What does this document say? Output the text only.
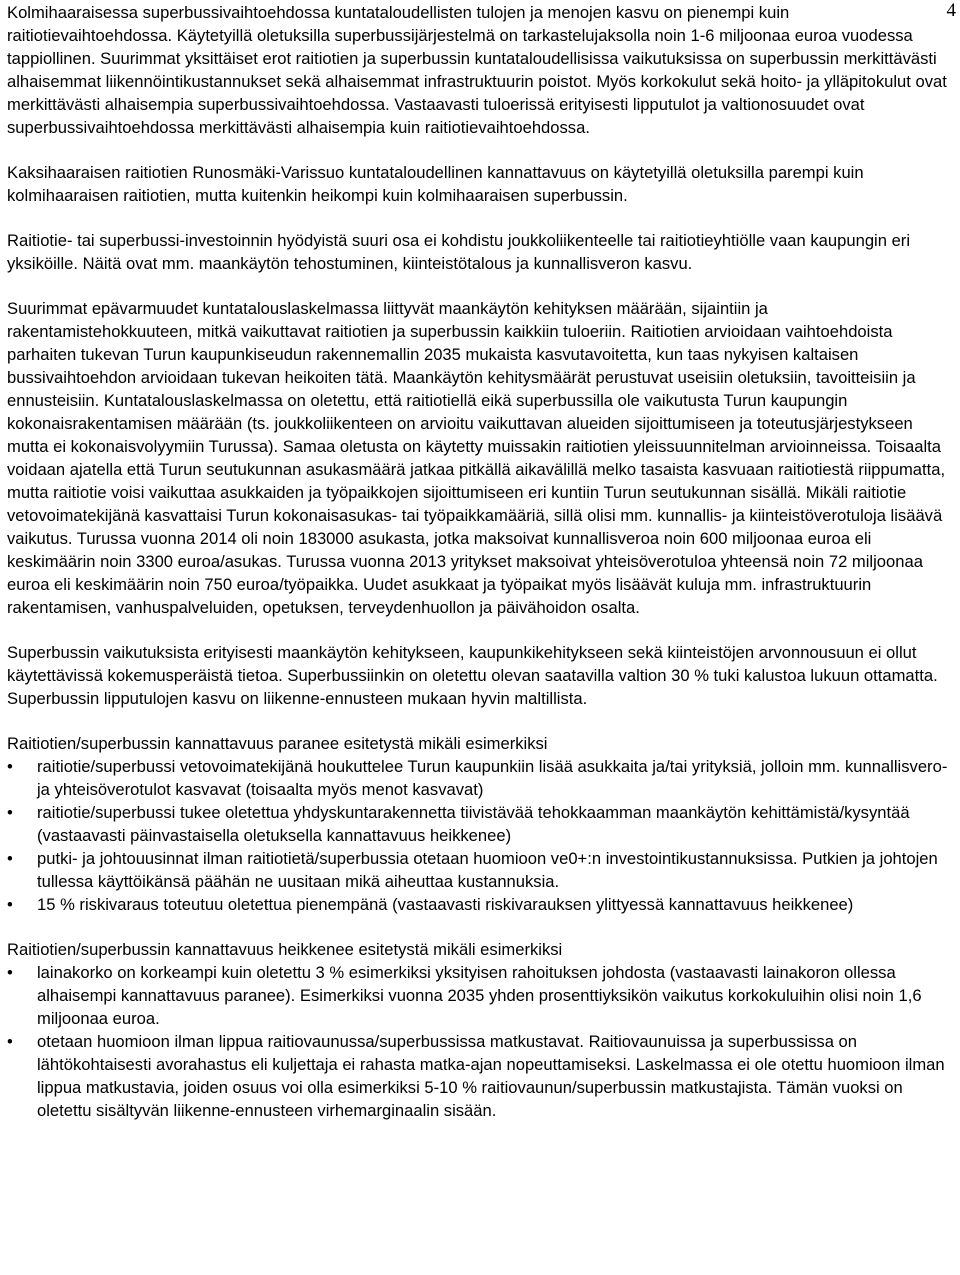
4

Kolmihaaraisessa superbussivaihtoehdossa kuntataloudellisten tulojen ja menojen kasvu on pienempi kuin raitiotievaihtoehdossa. Käytetyillä oletuksilla superbussijärjestelmä on tarkastelujaksolla noin 1-6 miljoonaa euroa vuodessa tappiollinen. Suurimmat yksittäiset erot raitiotien ja superbussin kuntataloudellisissa vaikutuksissa on superbussin merkittävästi alhaisemmat liikennöintikustannukset sekä alhaisemmat infrastruktuurin poistot. Myös korkokulut sekä hoito- ja ylläpitokulut ovat merkittävästi alhaisempia superbussivaihtoehdossa. Vastaavasti tuloerissä erityisesti lipputulot ja valtionosuudet ovat superbussivaihtoehdossa merkittävästi alhaisempia kuin raitiotievaihtoehdossa.

Kaksihaaraisen raitiotien Runosmäki-Varissuo kuntataloudellinen kannattavuus on käytetyillä oletuksilla parempi kuin kolmihaaraisen raitiotien, mutta kuitenkin heikompi kuin kolmihaaraisen superbussin.

Raitiotie- tai superbussi-investoinnin hyödyistä suuri osa ei kohdistu joukkoliikenteelle tai raitiotieyhtiölle vaan kaupungin eri yksiköille. Näitä ovat mm. maankäytön tehostuminen, kiinteistötalous ja kunnallisveron kasvu.

Suurimmat epävarmuudet kuntatalouslaskelmassa liittyvät maankäytön kehityksen määrään, sijaintiin ja rakentamistehokkuuteen, mitkä vaikuttavat raitiotien ja superbussin kaikkiin tuloeriin. Raitiotien arvioidaan vaihtoehdoista parhaiten tukevan Turun kaupunkiseudun rakennemallin 2035 mukaista kasvutavoitetta, kun taas nykyisen kaltaisen bussivaihtoehdon arvioidaan tukevan heikoiten tätä. Maankäytön kehitysmäärät perustuvat useisiin oletuksiin, tavoitteisiin ja ennusteisiin. Kuntatalouslaskelmassa on oletettu, että raitiotiellä eikä superbussilla ole vaikutusta Turun kaupungin kokonaisrakentamisen määrään (ts. joukkoliikenteen on arvioitu vaikuttavan alueiden sijoittumiseen ja toteutusjärjestykseen mutta ei kokonaisvolyymiin Turussa). Samaa oletusta on käytetty muissakin raitiotien yleissuunnitelman arvioinneissa. Toisaalta voidaan ajatella että Turun seutukunnan asukasmäärä jatkaa pitkällä aikavälillä melko tasaista kasvuaan raitiotiestä riippumatta, mutta raitiotie voisi vaikuttaa asukkaiden ja työpaikkojen sijoittumiseen eri kuntiin Turun seutukunnan sisällä. Mikäli raitiotie vetovoimatekijänä kasvattaisi Turun kokonaisasukas- tai työpaikkamääriä, sillä olisi mm. kunnallis- ja kiinteistöverotuloja lisäävä vaikutus. Turussa vuonna 2014 oli noin 183000 asukasta, jotka maksoivat kunnallisveroa noin 600 miljoonaa euroa eli keskimäärin noin 3300 euroa/asukas. Turussa vuonna 2013 yritykset maksoivat yhteisöverotuloa yhteensä noin 72 miljoonaa euroa eli keskimäärin noin 750 euroa/työpaikka. Uudet asukkaat ja työpaikat myös lisäävät kuluja mm. infrastruktuurin rakentamisen, vanhuspalveluiden, opetuksen, terveydenhuollon ja päivähoidon osalta.

Superbussin vaikutuksista erityisesti maankäytön kehitykseen, kaupunkikehitykseen sekä kiinteistöjen arvonnousuun ei ollut käytettävissä kokemusperäistä tietoa. Superbussiinkin on oletettu olevan saatavilla valtion 30 % tuki kalustoa lukuun ottamatta. Superbussin lipputulojen kasvu on liikenne-ennusteen mukaan hyvin maltillista.

Raitiotien/superbussin kannattavuus paranee esitetystä mikäli esimerkiksi

• raitiotie/superbussi vetovoimatekijänä houkuttelee Turun kaupunkiin lisää asukkaita ja/tai yrityksiä, jolloin mm. kunnallisvero- ja yhteisöverotulot kasvavat (toisaalta myös menot kasvavat)
• raitiotie/superbussi tukee oletettua yhdyskuntarakennetta tiivistävää tehokkaamman maankäytön kehittämistä/kysyntää (vastaavasti päinvastaisella oletuksella kannattavuus heikkenee)
• putki- ja johtouusinnat ilman raitiotietä/superbussia otetaan huomioon ve0+:n investointikustannuksissa. Putkien ja johtojen tullessa käyttöikänsä päähän ne uusitaan mikä aiheuttaa kustannuksia.
• 15 % riskivaraus toteutuu oletettua pienempänä (vastaavasti riskivarauksen ylittyessä kannattavuus heikkenee)

Raitiotien/superbussin kannattavuus heikkenee esitetystä mikäli esimerkiksi

• lainakorko on korkeampi kuin oletettu 3 % esimerkiksi yksityisen rahoituksen johdosta (vastaavasti lainakoron ollessa alhaisempi kannattavuus paranee). Esimerkiksi vuonna 2035 yhden prosenttiyksikön vaikutus korkokuluihin olisi noin 1,6 miljoonaa euroa.
• otetaan huomioon ilman lippua raitiovaunussa/superbussissa matkustavat. Raitiovaunuissa ja superbussissa on lähtökohtaisesti avorahastus eli kuljettaja ei rahasta matka-ajan nopeuttamiseksi. Laskelmassa ei ole otettu huomioon ilman lippua matkustavia, joiden osuus voi olla esimerkiksi 5-10 % raitiovaunun/superbussin matkustajista. Tämän vuoksi on oletettu sisältyvän liikenne-ennusteen virhemarginaalin sisään.
